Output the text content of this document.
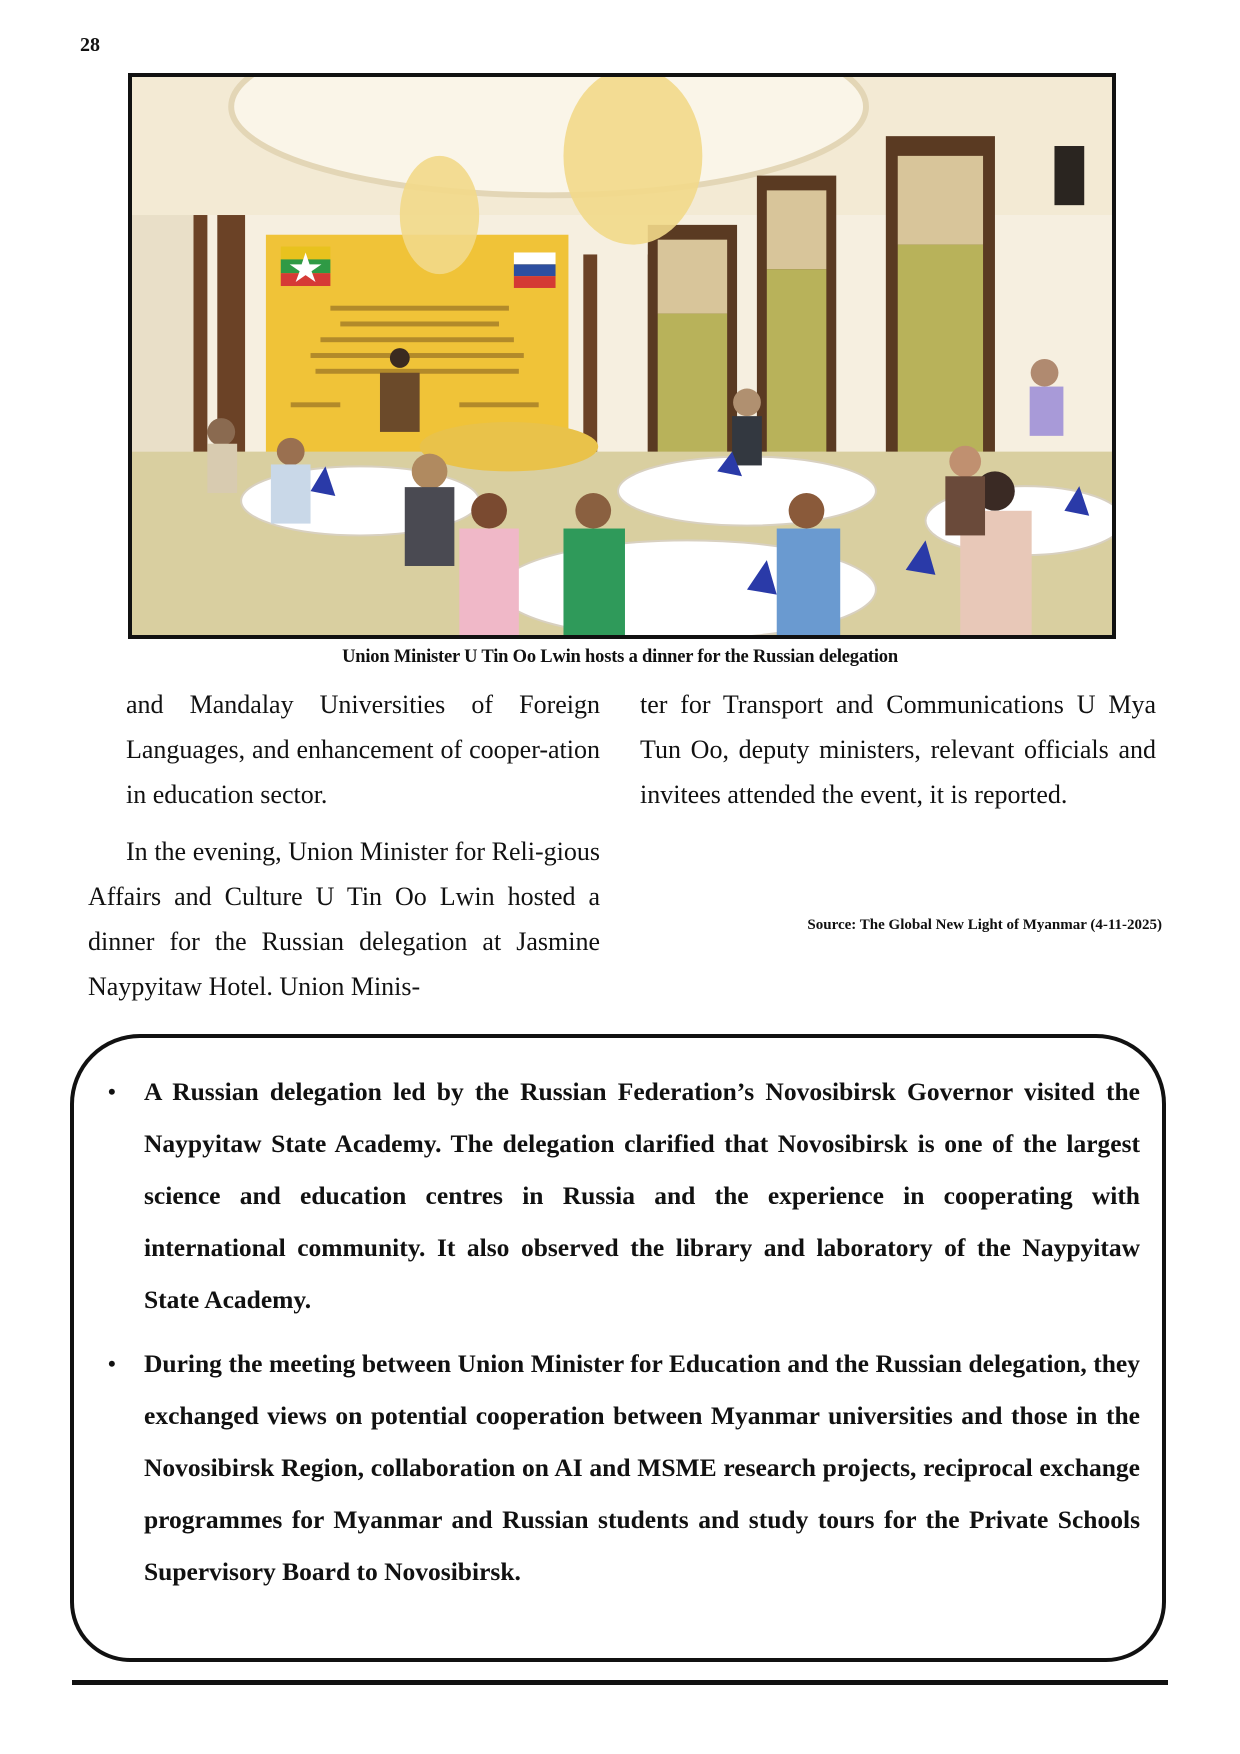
28
Union Minister U Tin Oo Lwin hosts a dinner for the Russian delegation

and Mandalay Universities of Foreign Languages, and enhancement of cooper-ation in education sector.

In the evening, Union Minister for Reli-gious Affairs and Culture U Tin Oo Lwin hosted a dinner for the Russian delegation at Jasmine Naypyitaw Hotel. Union Minis-

ter for Transport and Communications U Mya Tun Oo, deputy ministers, relevant officials and invitees attended the event, it is reported.

Source: The Global New Light of Myanmar (4-11-2025)
• A Russian delegation led by the Russian Federation’s Novosibirsk Governor visited the Naypyitaw State Academy. The delegation clarified that Novosibirsk is one of the largest science and education centres in Russia and the experience in cooperating with international community. It also observed the library and laboratory of the Naypyitaw State Academy.
• During the meeting between Union Minister for Education and the Russian delegation, they exchanged views on potential cooperation between Myanmar universities and those in the Novosibirsk Region, collaboration on AI and MSME research projects, reciprocal exchange programmes for Myanmar and Russian students and study tours for the Private Schools Supervisory Board to Novosibirsk.
